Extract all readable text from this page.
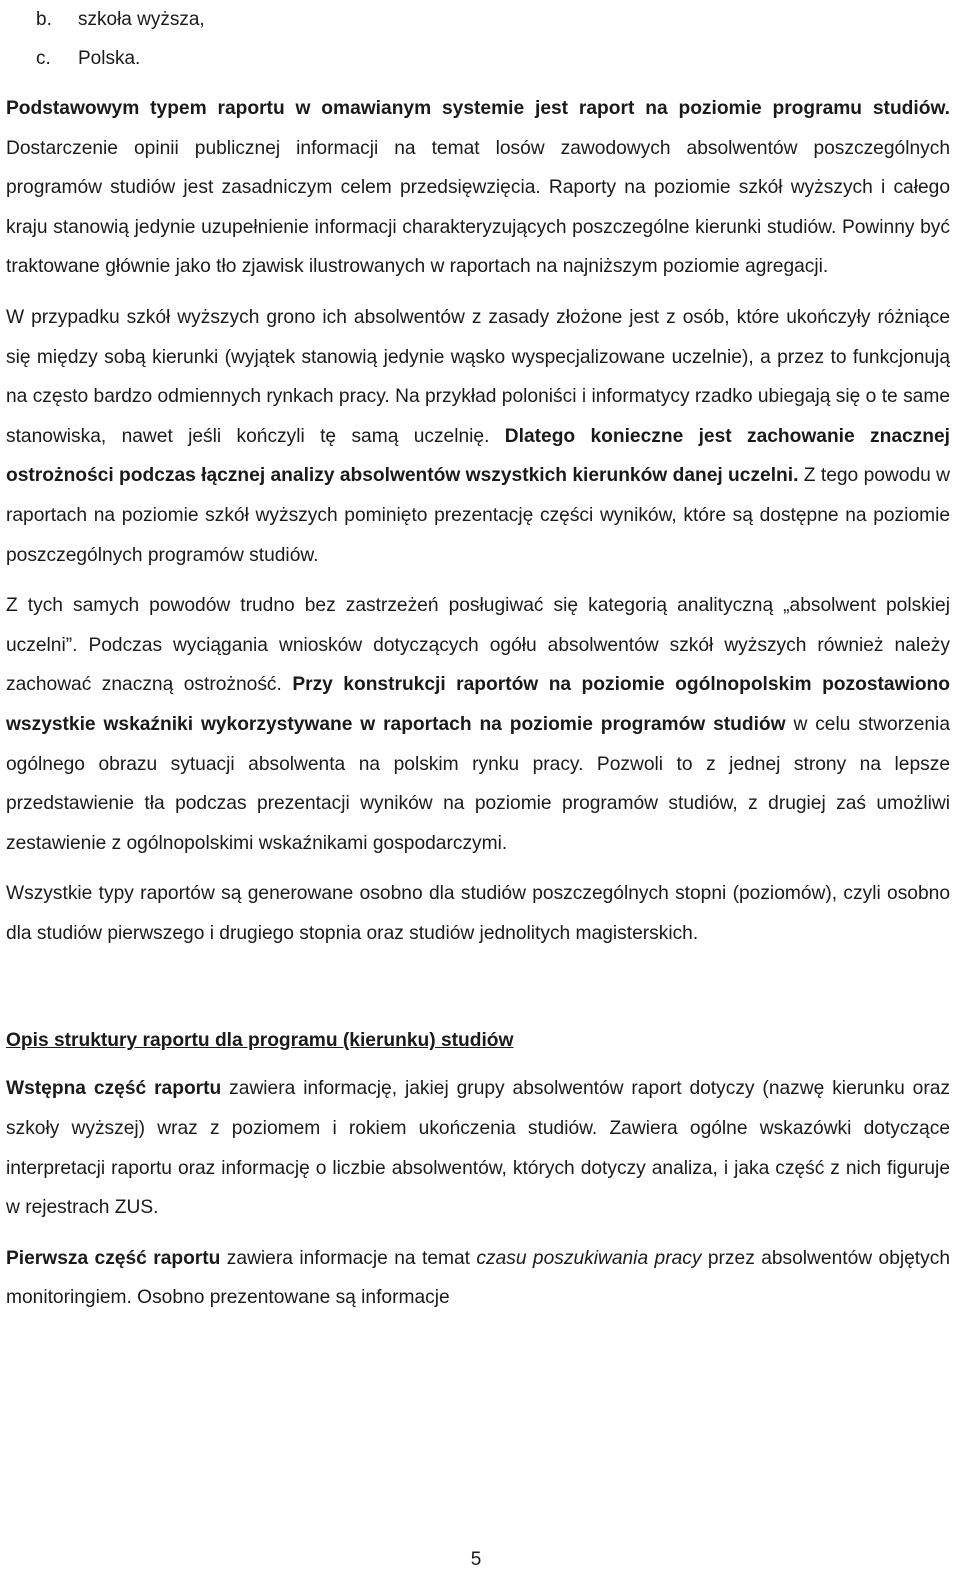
b. szkoła wyższa,
c. Polska.

Podstawowym typem raportu w omawianym systemie jest raport na poziomie programu studiów. Dostarczenie opinii publicznej informacji na temat losów zawodowych absolwentów poszczególnych programów studiów jest zasadniczym celem przedsięwzięcia. Raporty na poziomie szkół wyższych i całego kraju stanowią jedynie uzupełnienie informacji charakteryzujących poszczególne kierunki studiów. Powinny być traktowane głównie jako tło zjawisk ilustrowanych w raportach na najniższym poziomie agregacji.

W przypadku szkół wyższych grono ich absolwentów z zasady złożone jest z osób, które ukończyły różniące się między sobą kierunki (wyjątek stanowią jedynie wąsko wyspecjalizowane uczelnie), a przez to funkcjonują na często bardzo odmiennych rynkach pracy. Na przykład poloniści i informatycy rzadko ubiegają się o te same stanowiska, nawet jeśli kończyli tę samą uczelnię. Dlatego konieczne jest zachowanie znacznej ostrożności podczas łącznej analizy absolwentów wszystkich kierunków danej uczelni. Z tego powodu w raportach na poziomie szkół wyższych pominięto prezentację części wyników, które są dostępne na poziomie poszczególnych programów studiów.

Z tych samych powodów trudno bez zastrzeżeń posługiwać się kategorią analityczną „absolwent polskiej uczelni”. Podczas wyciągania wniosków dotyczących ogółu absolwentów szkół wyższych również należy zachować znaczną ostrożność. Przy konstrukcji raportów na poziomie ogólnopolskim pozostawiono wszystkie wskaźniki wykorzystywane w raportach na poziomie programów studiów w celu stworzenia ogólnego obrazu sytuacji absolwenta na polskim rynku pracy. Pozwoli to z jednej strony na lepsze przedstawienie tła podczas prezentacji wyników na poziomie programów studiów, z drugiej zaś umożliwi zestawienie z ogólnopolskimi wskaźnikami gospodarczymi.

Wszystkie typy raportów są generowane osobno dla studiów poszczególnych stopni (poziomów), czyli osobno dla studiów pierwszego i drugiego stopnia oraz studiów jednolitych magisterskich.

Opis struktury raportu dla programu (kierunku) studiów

Wstępna część raportu zawiera informację, jakiej grupy absolwentów raport dotyczy (nazwę kierunku oraz szkoły wyższej) wraz z poziomem i rokiem ukończenia studiów. Zawiera ogólne wskazówki dotyczące interpretacji raportu oraz informację o liczbie absolwentów, których dotyczy analiza, i jaka część z nich figuruje w rejestrach ZUS.

Pierwsza część raportu zawiera informacje na temat czasu poszukiwania pracy przez absolwentów objętych monitoringiem. Osobno prezentowane są informacje

5
